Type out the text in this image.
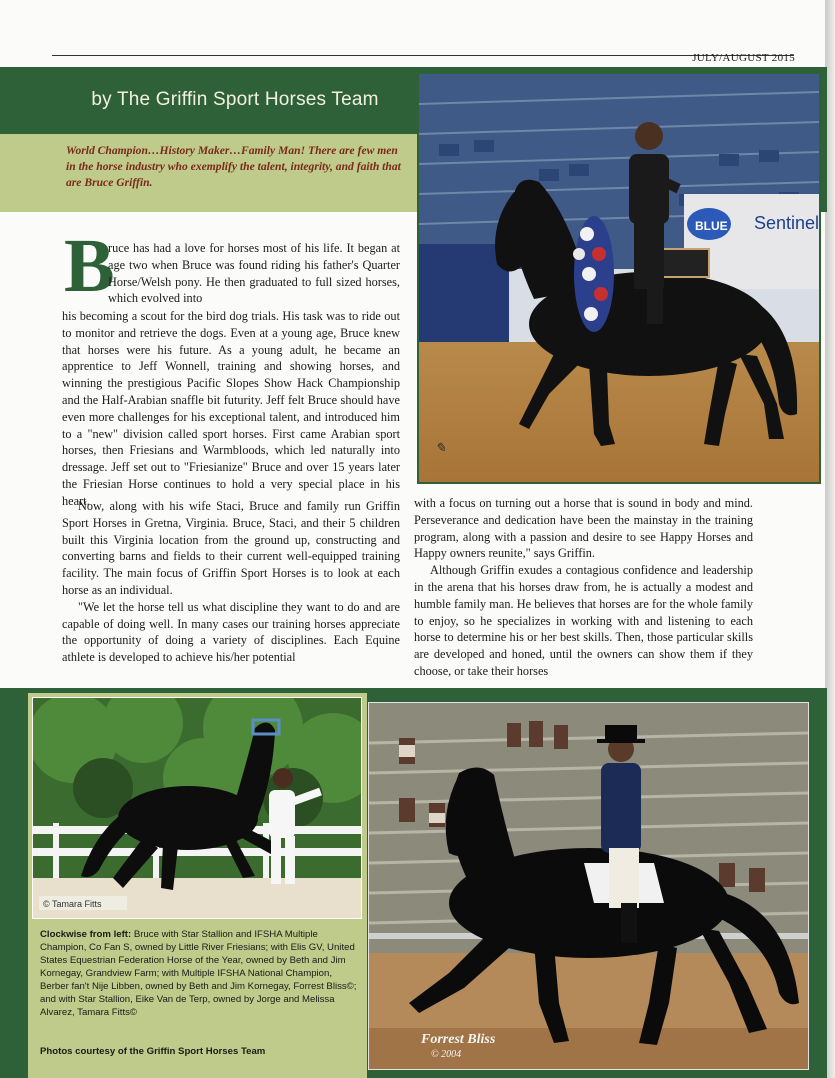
JULY/AUGUST 2015
by The Griffin Sport Horses Team
World Champion…History Maker…Family Man! There are few men in the horse industry who exemplify the talent, integrity, and faith that are Bruce Griffin.
Sentinel
BLUE
✎
B

ruce has had a love for horses most of his life. It began at age two when Bruce was found riding his father's Quarter Horse/Welsh pony. He then graduated to full sized horses, which evolved into

his becoming a scout for the bird dog trials. His task was to ride out to monitor and retrieve the dogs. Even at a young age, Bruce knew that horses were his future. As a young adult, he became an apprentice to Jeff Wonnell, training and showing horses, and winning the prestigious Pacific Slopes Show Hack Championship and the Half-Arabian snaffle bit futurity. Jeff felt Bruce should have even more challenges for his exceptional talent, and introduced him to a "new" division called sport horses. First came Arabian sport horses, then Friesians and Warmbloods, which led naturally into dressage. Jeff set out to "Friesianize" Bruce and over 15 years later the Friesian Horse continues to hold a very special place in his heart.

Now, along with his wife Staci, Bruce and family run Griffin Sport Horses in Gretna, Virginia. Bruce, Staci, and their 5 children built this Virginia location from the ground up, constructing and converting barns and fields to their current well-equipped training facility. The main focus of Griffin Sport Horses is to look at each horse as an individual.

"We let the horse tell us what discipline they want to do and are capable of doing well. In many cases our training horses appreciate the opportunity of doing a variety of disciplines. Each Equine athlete is developed to achieve his/her potential

with a focus on turning out a horse that is sound in body and mind. Perseverance and dedication have been the mainstay in the training program, along with a passion and desire to see Happy Horses and Happy owners reunite," says Griffin.

Although Griffin exudes a contagious confidence and leadership in the arena that his horses draw from, he is actually a modest and humble family man. He believes that horses are for the whole family to enjoy, so he specializes in working with and listening to each horse to determine his or her best skills. Then, those particular skills are developed and honed, until the owners can show them if they choose, or take their horses

© Tamara Fitts
Forrest Bliss
© 2004
Clockwise from left: Bruce with Star Stallion and IFSHA Multiple Champion, Co Fan S, owned by Little River Friesians; with Elis GV, United States Equestrian Federation Horse of the Year, owned by Beth and Jim Kornegay, Grandview Farm; with Multiple IFSHA National Champion, Berber fan't Nije Libben, owned by Beth and Jim Kornegay, Forrest Bliss©; and with Star Stallion, Eike Van de Terp, owned by Jorge and Melissa Alvarez, Tamara Fitts©
Photos courtesy of the Griffin Sport Horses Team
